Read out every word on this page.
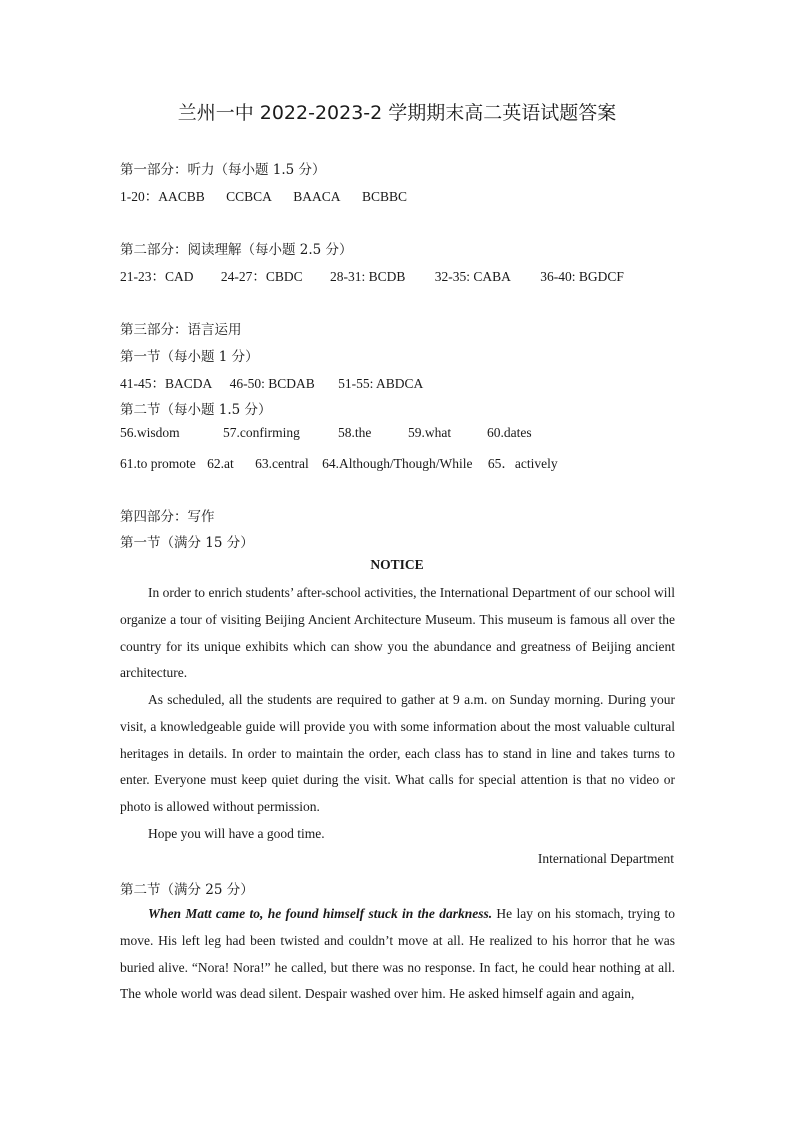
兰州一中 2022-2023-2 学期期末高二英语试题答案
第一部分：听力（每小题 1.5 分）
1-20：AACBB CCBCA BAACA BCBBC
第二部分：阅读理解（每小题 2.5 分）
21-23：CAD 24-27：CBDC 28-31: BCDB 32-35: CABA 36-40: BGDCF
第三部分：语言运用
第一节（每小题 1 分）
41-45：BACDA 46-50: BCDAB 51-55: ABDCA
第二节（每小题 1.5 分）
56.wisdom	57.confirming	58.the	59.what	60.dates
61.to promote 62.at 63.central 64.Although/Though/While 65．actively
第四部分：写作
第一节（满分 15 分）
NOTICE
In order to enrich students’ after-school activities, the International Department of our school will organize a tour of visiting Beijing Ancient Architecture Museum. This museum is famous all over the country for its unique exhibits which can show you the abundance and greatness of Beijing ancient architecture.
As scheduled, all the students are required to gather at 9 a.m. on Sunday morning. During your visit, a knowledgeable guide will provide you with some information about the most valuable cultural heritages in details. In order to maintain the order, each class has to stand in line and takes turns to enter. Everyone must keep quiet during the visit. What calls for special attention is that no video or photo is allowed without permission.
Hope you will have a good time.
International Department
第二节（满分 25 分）
When Matt came to, he found himself stuck in the darkness. He lay on his stomach, trying to move. His left leg had been twisted and couldn’t move at all. He realized to his horror that he was buried alive. “Nora! Nora!” he called, but there was no response. In fact, he could hear nothing at all. The whole world was dead silent. Despair washed over him. He asked himself again and again,
